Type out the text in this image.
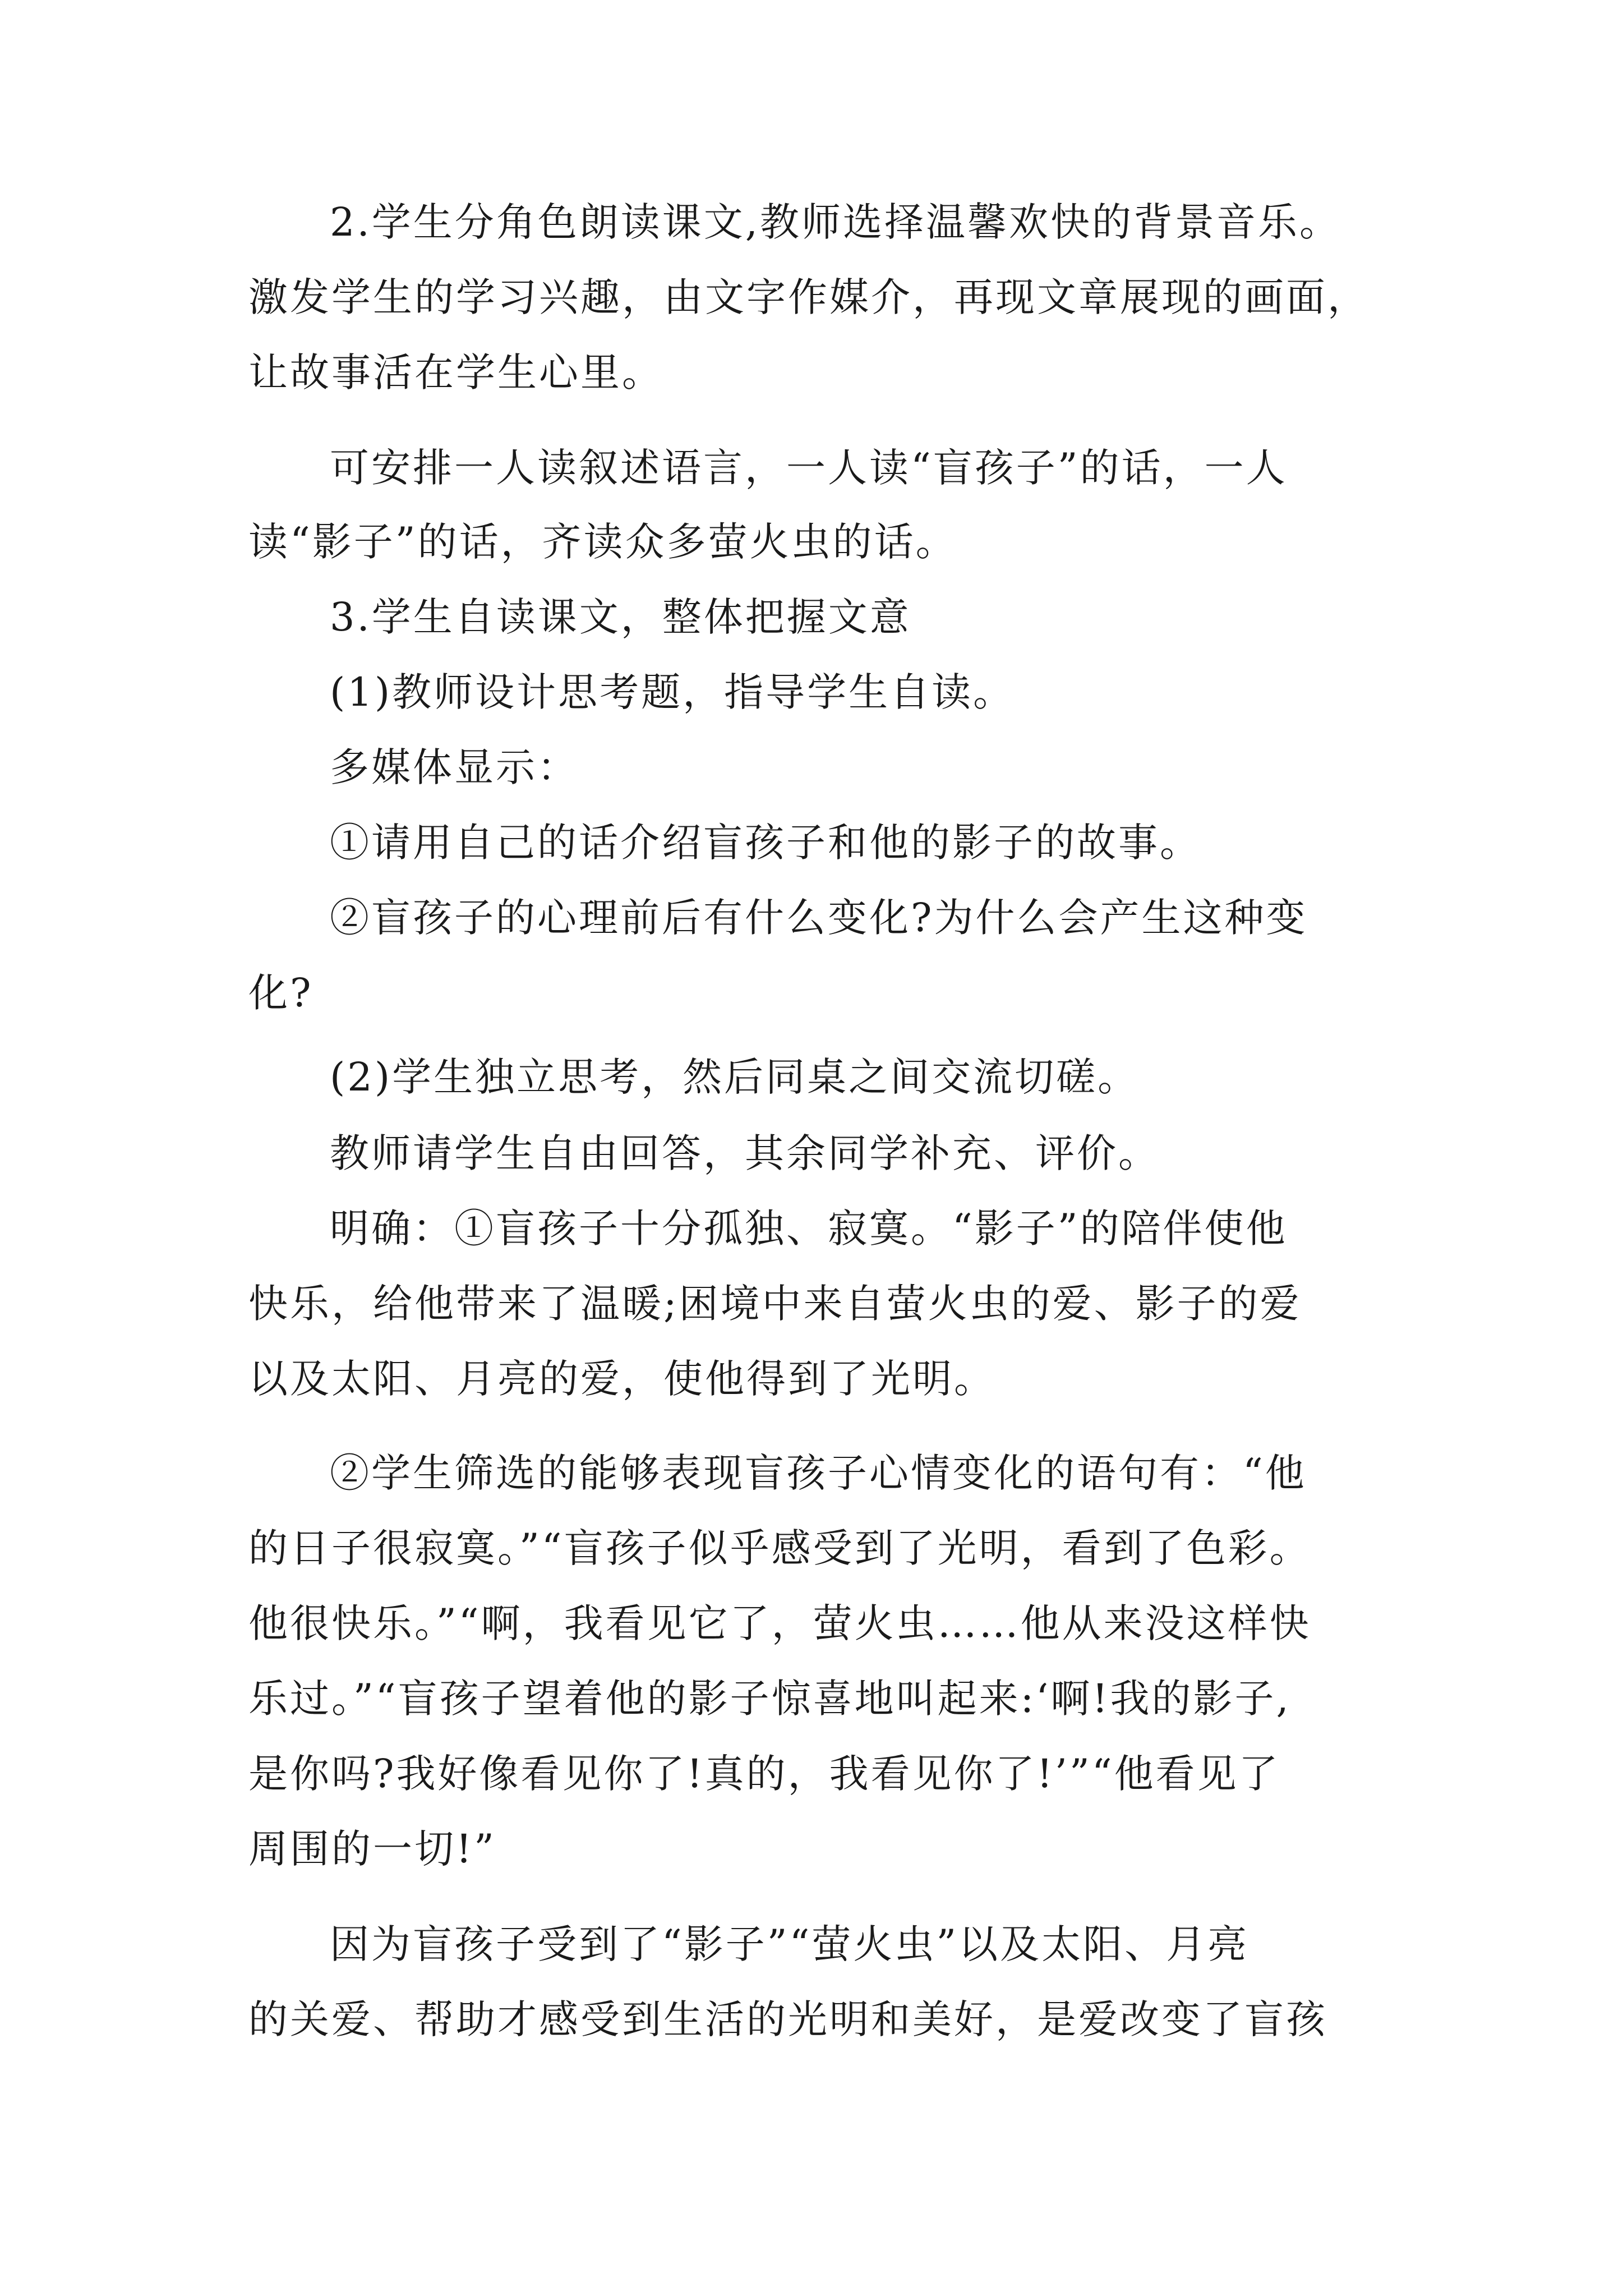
2.学生分角色朗读课文,教师选择温馨欢快的背景音乐。
激发学生的学习兴趣，由文字作媒介，再现文章展现的画面，
让故事活在学生心里。
可安排一人读叙述语言，一人读“盲孩子”的话，一人
读“影子”的话，齐读众多萤火虫的话。
3.学生自读课文，整体把握文意
(1)教师设计思考题，指导学生自读。
多媒体显示：
①请用自己的话介绍盲孩子和他的影子的故事。
②盲孩子的心理前后有什么变化?为什么会产生这种变
化?
(2)学生独立思考，然后同桌之间交流切磋。
教师请学生自由回答，其余同学补充、评价。
明确：①盲孩子十分孤独、寂寞。“影子”的陪伴使他
快乐，给他带来了温暖;困境中来自萤火虫的爱、影子的爱
以及太阳、月亮的爱，使他得到了光明。
②学生筛选的能够表现盲孩子心情变化的语句有：“他
的日子很寂寞。”“盲孩子似乎感受到了光明，看到了色彩。
他很快乐。”“啊，我看见它了，萤火虫……他从来没这样快
乐过。”“盲孩子望着他的影子惊喜地叫起来:‘啊!我的影子,
是你吗?我好像看见你了!真的，我看见你了!’”“他看见了
周围的一切!”
因为盲孩子受到了“影子”“萤火虫”以及太阳、月亮
的关爱、帮助才感受到生活的光明和美好，是爱改变了盲孩
